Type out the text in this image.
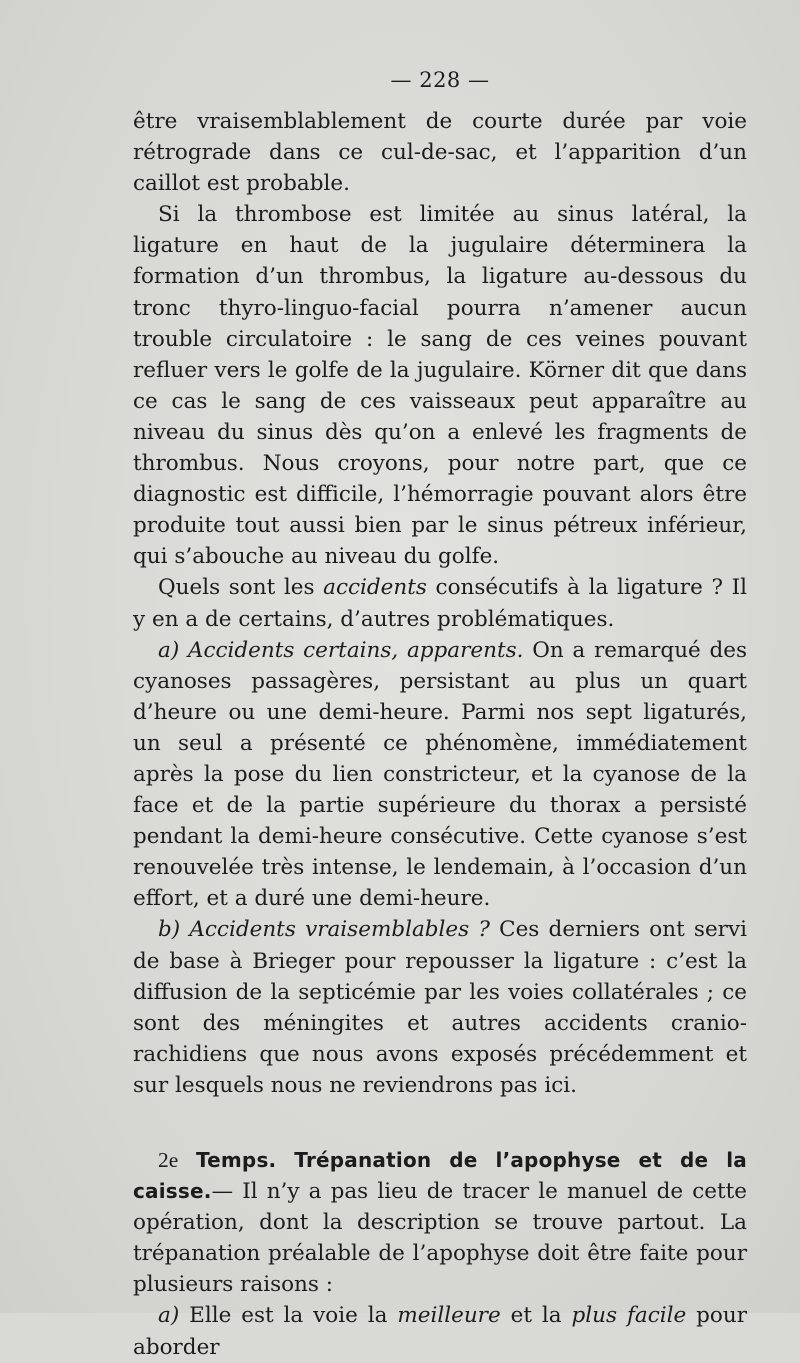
— 228 —

être vraisemblablement de courte durée par voie rétrograde dans ce cul-de-sac, et l’apparition d’un caillot est probable.

Si la thrombose est limitée au sinus latéral, la ligature en haut de la jugulaire déterminera la formation d’un thrombus, la ligature au-dessous du tronc thyro-linguo-facial pourra n’amener aucun trouble circulatoire : le sang de ces veines pouvant refluer vers le golfe de la jugulaire. Körner dit que dans ce cas le sang de ces vaisseaux peut apparaître au niveau du sinus dès qu’on a enlevé les fragments de thrombus. Nous croyons, pour notre part, que ce diagnostic est difficile, l’hémorragie pouvant alors être produite tout aussi bien par le sinus pétreux inférieur, qui s’abouche au niveau du golfe.

Quels sont les accidents consécutifs à la ligature ? Il y en a de certains, d’autres problématiques.

a) Accidents certains, apparents. On a remarqué des cyanoses passagères, persistant au plus un quart d’heure ou une demi-heure. Parmi nos sept ligaturés, un seul a présenté ce phénomène, immédiatement après la pose du lien constricteur, et la cyanose de la face et de la partie supérieure du thorax a persisté pendant la demi-heure consécutive. Cette cyanose s’est renouvelée très intense, le lendemain, à l’occasion d’un effort, et a duré une demi-heure.

b) Accidents vraisemblables ? Ces derniers ont servi de base à Brieger pour repousser la ligature : c’est la diffusion de la septicémie par les voies collatérales ; ce sont des méningites et autres accidents cranio-rachidiens que nous avons exposés précédemment et sur lesquels nous ne reviendrons pas ici.

2e Temps. Trépanation de l’apophyse et de la caisse.— Il n’y a pas lieu de tracer le manuel de cette opération, dont la description se trouve partout. La trépanation préalable de l’apophyse doit être faite pour plusieurs raisons :

a) Elle est la voie la meilleure et la plus facile pour aborder
